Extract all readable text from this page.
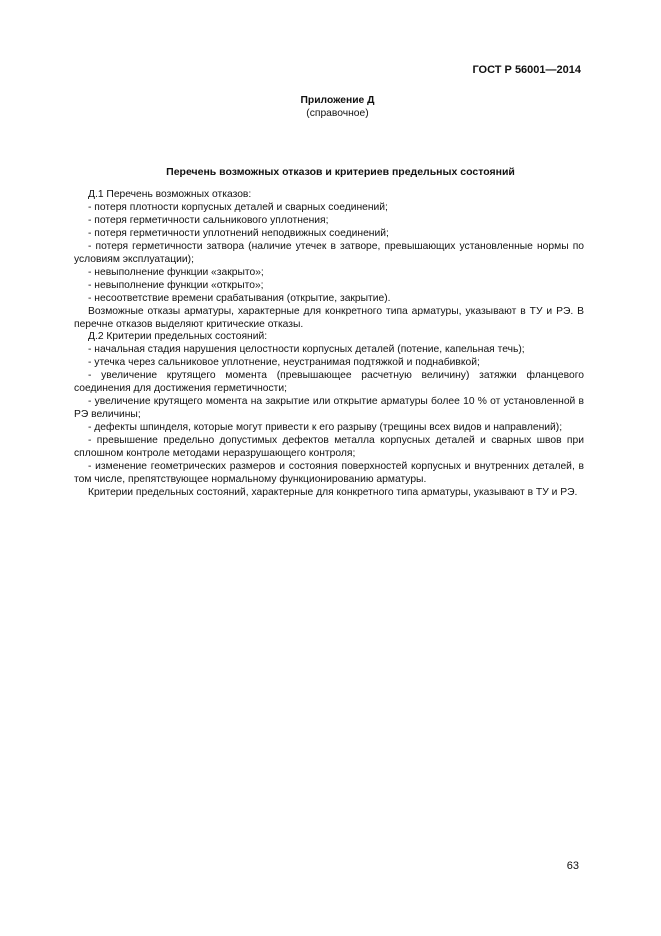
ГОСТ Р 56001—2014
Приложение Д
(справочное)
Перечень возможных отказов и критериев предельных состояний

Д.1 Перечень возможных отказов:

- потеря плотности корпусных деталей и сварных соединений;

- потеря герметичности сальникового уплотнения;

- потеря герметичности уплотнений неподвижных соединений;

- потеря герметичности затвора (наличие утечек в затворе, превышающих установленные нормы по условиям эксплуатации);

- невыполнение функции «закрыто»;

- невыполнение функции «открыто»;

- несоответствие времени срабатывания (открытие, закрытие).

Возможные отказы арматуры, характерные для конкретного типа арматуры, указывают в ТУ и РЭ. В перечне отказов выделяют критические отказы.

Д.2 Критерии предельных состояний:

- начальная стадия нарушения целостности корпусных деталей (потение, капельная течь);

- утечка через сальниковое уплотнение, неустранимая подтяжкой и поднабивкой;

- увеличение крутящего момента (превышающее расчетную величину) затяжки фланцевого соединения для достижения герметичности;

- увеличение крутящего момента на закрытие или открытие арматуры более 10 % от установленной в РЭ величины;

- дефекты шпинделя, которые могут привести к его разрыву (трещины всех видов и направлений);

- превышение предельно допустимых дефектов металла корпусных деталей и сварных швов при сплошном контроле методами неразрушающего контроля;

- изменение геометрических размеров и состояния поверхностей корпусных и внутренних деталей, в том числе, препятствующее нормальному функционированию арматуры.

Критерии предельных состояний, характерные для конкретного типа арматуры, указывают в ТУ и РЭ.

63
